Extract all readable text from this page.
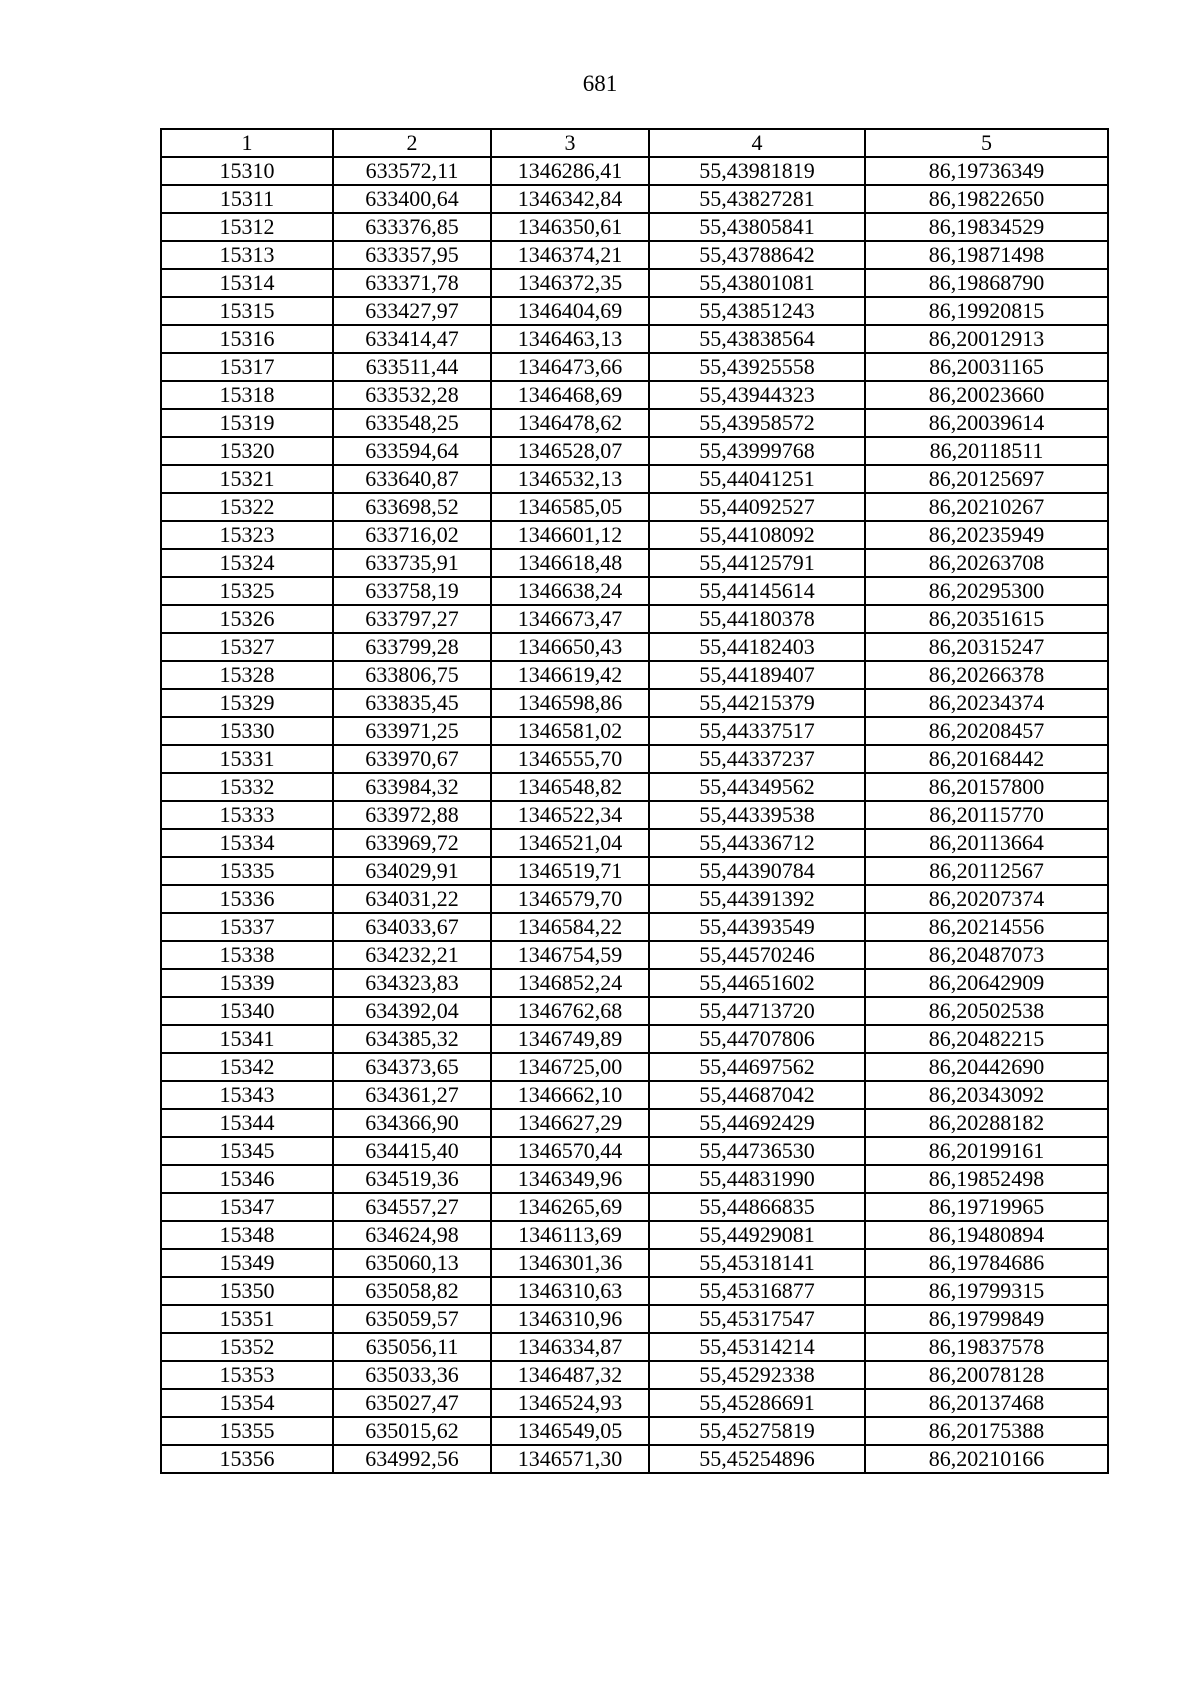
681
1	2	3	4	5
15310	633572,11	1346286,41	55,43981819	86,19736349
15311	633400,64	1346342,84	55,43827281	86,19822650
15312	633376,85	1346350,61	55,43805841	86,19834529
15313	633357,95	1346374,21	55,43788642	86,19871498
15314	633371,78	1346372,35	55,43801081	86,19868790
15315	633427,97	1346404,69	55,43851243	86,19920815
15316	633414,47	1346463,13	55,43838564	86,20012913
15317	633511,44	1346473,66	55,43925558	86,20031165
15318	633532,28	1346468,69	55,43944323	86,20023660
15319	633548,25	1346478,62	55,43958572	86,20039614
15320	633594,64	1346528,07	55,43999768	86,20118511
15321	633640,87	1346532,13	55,44041251	86,20125697
15322	633698,52	1346585,05	55,44092527	86,20210267
15323	633716,02	1346601,12	55,44108092	86,20235949
15324	633735,91	1346618,48	55,44125791	86,20263708
15325	633758,19	1346638,24	55,44145614	86,20295300
15326	633797,27	1346673,47	55,44180378	86,20351615
15327	633799,28	1346650,43	55,44182403	86,20315247
15328	633806,75	1346619,42	55,44189407	86,20266378
15329	633835,45	1346598,86	55,44215379	86,20234374
15330	633971,25	1346581,02	55,44337517	86,20208457
15331	633970,67	1346555,70	55,44337237	86,20168442
15332	633984,32	1346548,82	55,44349562	86,20157800
15333	633972,88	1346522,34	55,44339538	86,20115770
15334	633969,72	1346521,04	55,44336712	86,20113664
15335	634029,91	1346519,71	55,44390784	86,20112567
15336	634031,22	1346579,70	55,44391392	86,20207374
15337	634033,67	1346584,22	55,44393549	86,20214556
15338	634232,21	1346754,59	55,44570246	86,20487073
15339	634323,83	1346852,24	55,44651602	86,20642909
15340	634392,04	1346762,68	55,44713720	86,20502538
15341	634385,32	1346749,89	55,44707806	86,20482215
15342	634373,65	1346725,00	55,44697562	86,20442690
15343	634361,27	1346662,10	55,44687042	86,20343092
15344	634366,90	1346627,29	55,44692429	86,20288182
15345	634415,40	1346570,44	55,44736530	86,20199161
15346	634519,36	1346349,96	55,44831990	86,19852498
15347	634557,27	1346265,69	55,44866835	86,19719965
15348	634624,98	1346113,69	55,44929081	86,19480894
15349	635060,13	1346301,36	55,45318141	86,19784686
15350	635058,82	1346310,63	55,45316877	86,19799315
15351	635059,57	1346310,96	55,45317547	86,19799849
15352	635056,11	1346334,87	55,45314214	86,19837578
15353	635033,36	1346487,32	55,45292338	86,20078128
15354	635027,47	1346524,93	55,45286691	86,20137468
15355	635015,62	1346549,05	55,45275819	86,20175388
15356	634992,56	1346571,30	55,45254896	86,20210166
